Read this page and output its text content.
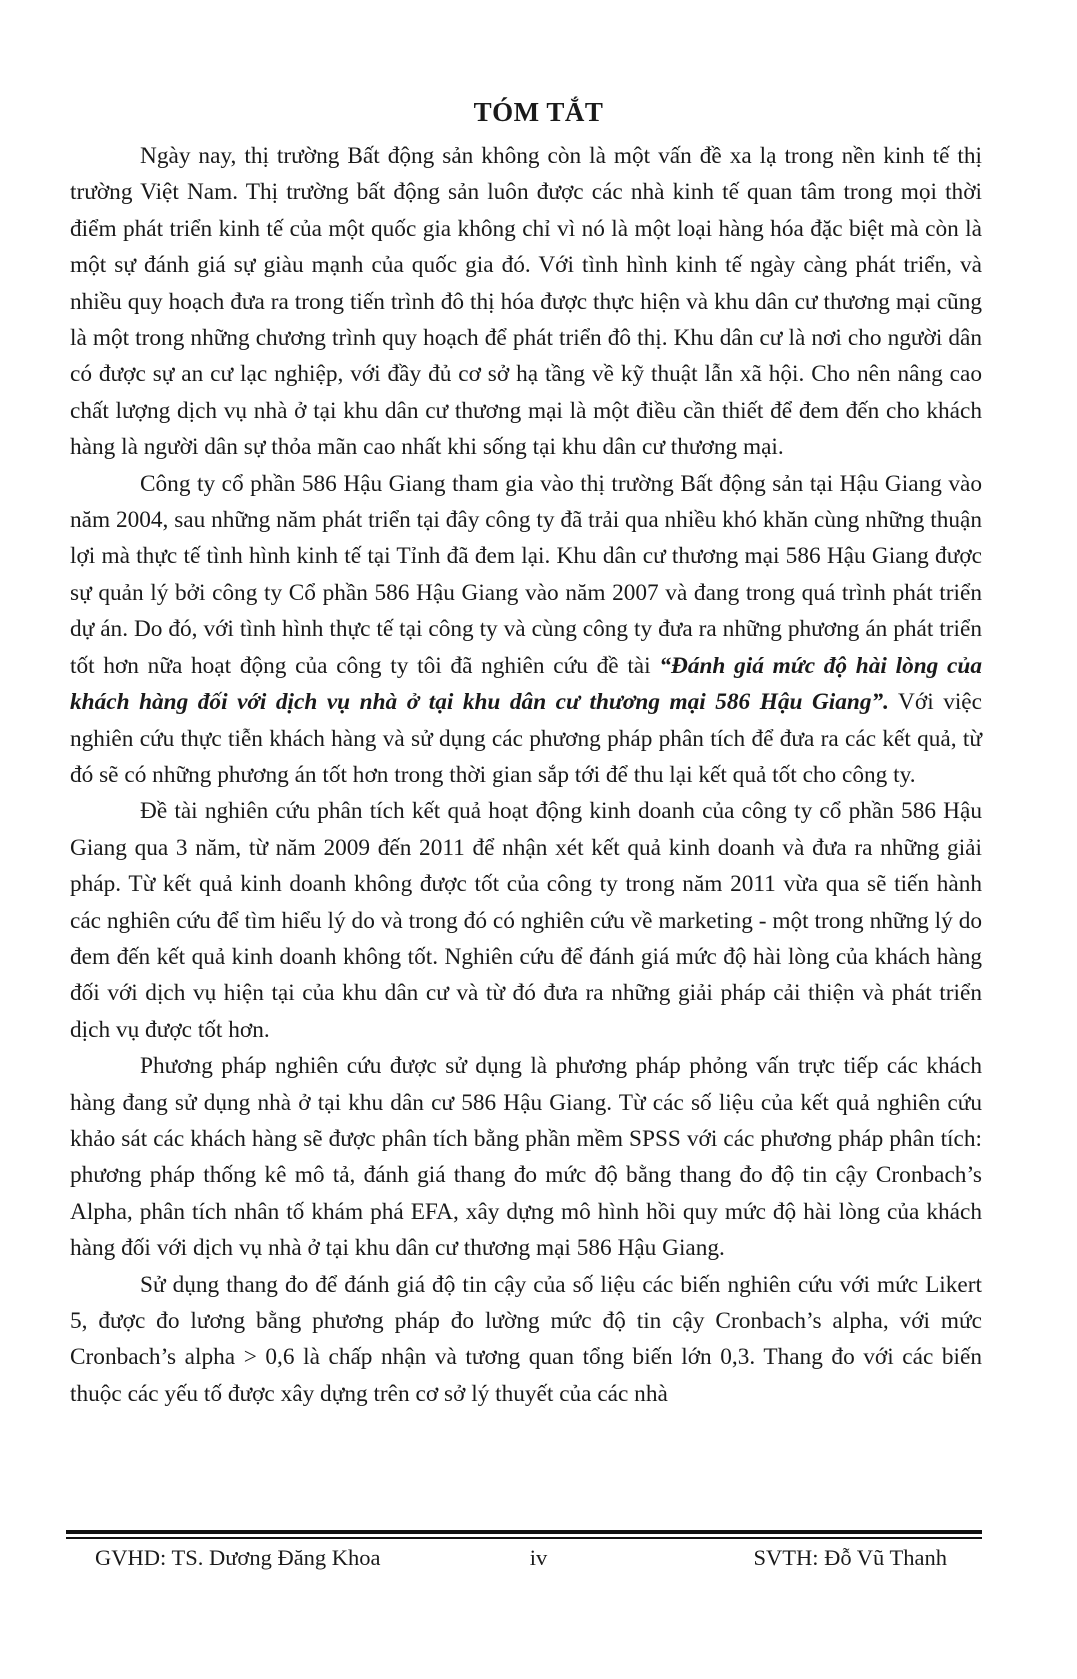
TÓM TẮT

Ngày nay, thị trường Bất động sản không còn là một vấn đề xa lạ trong nền kinh tế thị trường Việt Nam. Thị trường bất động sản luôn được các nhà kinh tế quan tâm trong mọi thời điểm phát triển kinh tế của một quốc gia không chỉ vì nó là một loại hàng hóa đặc biệt mà còn là một sự đánh giá sự giàu mạnh của quốc gia đó. Với tình hình kinh tế ngày càng phát triển, và nhiều quy hoạch đưa ra trong tiến trình đô thị hóa được thực hiện và khu dân cư thương mại cũng là một trong những chương trình quy hoạch để phát triển đô thị. Khu dân cư là nơi cho người dân có được sự an cư lạc nghiệp, với đầy đủ cơ sở hạ tầng về kỹ thuật lẫn xã hội. Cho nên nâng cao chất lượng dịch vụ nhà ở tại khu dân cư thương mại là một điều cần thiết để đem đến cho khách hàng là người dân sự thỏa mãn cao nhất khi sống tại khu dân cư thương mại.

Công ty cổ phần 586 Hậu Giang tham gia vào thị trường Bất động sản tại Hậu Giang vào năm 2004, sau những năm phát triển tại đây công ty đã trải qua nhiều khó khăn cùng những thuận lợi mà thực tế tình hình kinh tế tại Tỉnh đã đem lại. Khu dân cư thương mại 586 Hậu Giang được sự quản lý bởi công ty Cổ phần 586 Hậu Giang vào năm 2007 và đang trong quá trình phát triển dự án. Do đó, với tình hình thực tế tại công ty và cùng công ty đưa ra những phương án phát triển tốt hơn nữa hoạt động của công ty tôi đã nghiên cứu đề tài “Đánh giá mức độ hài lòng của khách hàng đối với dịch vụ nhà ở tại khu dân cư thương mại 586 Hậu Giang”. Với việc nghiên cứu thực tiễn khách hàng và sử dụng các phương pháp phân tích để đưa ra các kết quả, từ đó sẽ có những phương án tốt hơn trong thời gian sắp tới để thu lại kết quả tốt cho công ty.

Đề tài nghiên cứu phân tích kết quả hoạt động kinh doanh của công ty cổ phần 586 Hậu Giang qua 3 năm, từ năm 2009 đến 2011 để nhận xét kết quả kinh doanh và đưa ra những giải pháp. Từ kết quả kinh doanh không được tốt của công ty trong năm 2011 vừa qua sẽ tiến hành các nghiên cứu để tìm hiểu lý do và trong đó có nghiên cứu về marketing - một trong những lý do đem đến kết quả kinh doanh không tốt. Nghiên cứu để đánh giá mức độ hài lòng của khách hàng đối với dịch vụ hiện tại của khu dân cư và từ đó đưa ra những giải pháp cải thiện và phát triển dịch vụ được tốt hơn.

Phương pháp nghiên cứu được sử dụng là phương pháp phỏng vấn trực tiếp các khách hàng đang sử dụng nhà ở tại khu dân cư 586 Hậu Giang. Từ các số liệu của kết quả nghiên cứu khảo sát các khách hàng sẽ được phân tích bằng phần mềm SPSS với các phương pháp phân tích: phương pháp thống kê mô tả, đánh giá thang đo mức độ bằng thang đo độ tin cậy Cronbach’s Alpha, phân tích nhân tố khám phá EFA, xây dựng mô hình hồi quy mức độ hài lòng của khách hàng đối với dịch vụ nhà ở tại khu dân cư thương mại 586 Hậu Giang.

Sử dụng thang đo để đánh giá độ tin cậy của số liệu các biến nghiên cứu với mức Likert 5, được đo lương bằng phương pháp đo lường mức độ tin cậy Cronbach’s alpha, với mức Cronbach’s alpha > 0,6 là chấp nhận và tương quan tổng biến lớn 0,3. Thang đo với các biến thuộc các yếu tố được xây dựng trên cơ sở lý thuyết của các nhà

GVHD: TS. Dương Đăng Khoa	iv	SVTH: Đỗ Vũ Thanh
